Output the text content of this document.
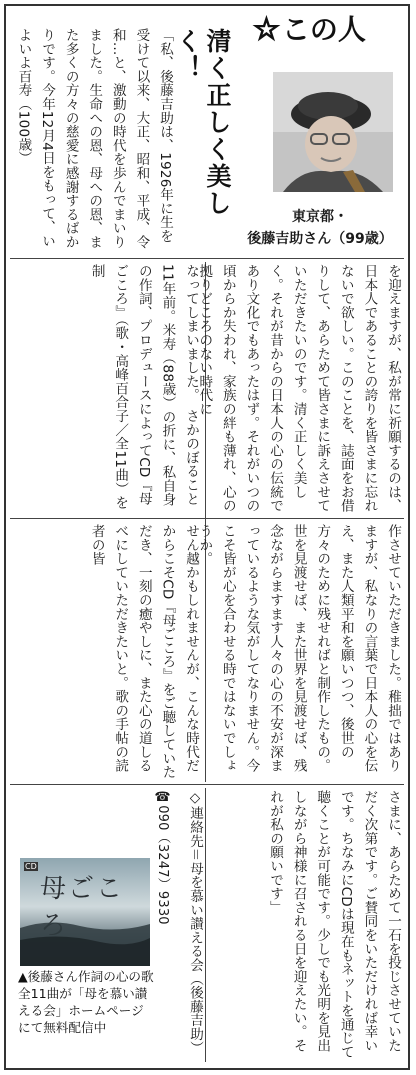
☆この人
東京都・
後藤吉助さん（99歳）
清く正しく美しく！
「私、後藤吉助は、1926年に生を受けて以来、大正、昭和、平成、令和…と、激動の時代を歩んでまいりました。生命への恩、母への恩、また多くの方々の慈愛に感謝するばかりです。今年12月4日をもって、いよいよ百寿（100歳）
を迎えますが、私が常に祈願するのは、日本人であることの誇りを皆さまに忘れないで欲しい。このことを、誌面をお借りして、あらためて皆さまに訴えさせていただきたいのです。清く正しく美しく。それが昔からの日本人の心の伝統であり文化でもあったはず。それがいつの頃からか失われ、家族の絆も薄れ、心の拠りどころのない時代に
なってしまいました。　さかのぼること11年前。米寿（88歳）の折に、私自身の作詞、プロデュースによってCD『母ごころ』（歌・高峰百合子／全11曲）を制
作させていただきました。稚拙ではありますが、私なりの言葉で日本人の心を伝え、また人類平和を願いつつ、後世の方々のために残せればと制作したもの。世を見渡せば、また世界を見渡せば、残念ながらますます人々の心の不安が深まっているような気がしてなりません。今こそ皆が心を合わせる時ではないでしょうか。
せん越かもしれませんが、こんな時代だからこそCD『母ごころ』をご聴していただき、一刻の癒やしに、また心の道しるべにしていただきたいと。歌の手帖の読者の皆
さまに、あらためて一石を投じさせていただく次第です。ご賛同をいただければ幸いです。ちなみにCDは現在もネットを通じて聴くことが可能です。少しでも光明を見出しながら神様に召される日を迎えたい。それが私の願いです」
◇連絡先＝母を慕い讃える会（後藤吉助）
☎090（3247）9330
CD
母ごこ
▲後藤さん作詞の心の歌全11曲が「母を慕い讃える会」ホームページにて無料配信中
